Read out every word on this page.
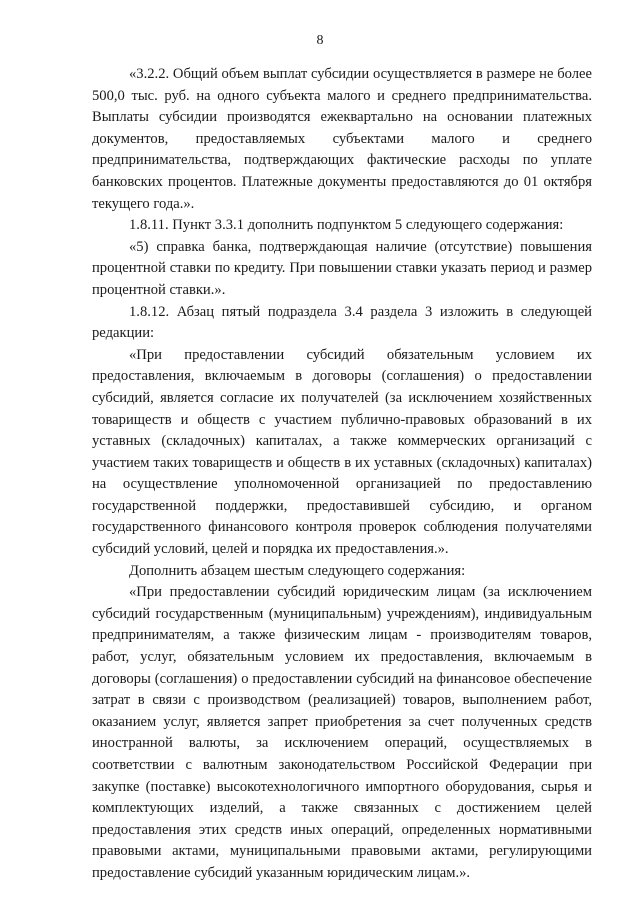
8

«3.2.2. Общий объем выплат субсидии осуществляется в размере не более 500,0 тыс. руб. на одного субъекта малого и среднего предпринимательства. Выплаты субсидии производятся ежеквартально на основании платежных документов, предоставляемых субъектами малого и среднего предпринимательства, подтверждающих фактические расходы по уплате банковских процентов. Платежные документы предоставляются до 01 октября текущего года.».

1.8.11. Пункт 3.3.1 дополнить подпунктом 5 следующего содержания:

«5) справка банка, подтверждающая наличие (отсутствие) повышения процентной ставки по кредиту. При повышении ставки указать период и размер процентной ставки.».

1.8.12. Абзац пятый подраздела 3.4 раздела 3 изложить в следующей редакции:

«При предоставлении субсидий обязательным условием их предоставления, включаемым в договоры (соглашения) о предоставлении субсидий, является согласие их получателей (за исключением хозяйственных товариществ и обществ с участием публично-правовых образований в их уставных (складочных) капиталах, а также коммерческих организаций с участием таких товариществ и обществ в их уставных (складочных) капиталах) на осуществление уполномоченной организацией по предоставлению государственной поддержки, предоставившей субсидию, и органом государственного финансового контроля проверок соблюдения получателями субсидий условий, целей и порядка их предоставления.».

Дополнить абзацем шестым следующего содержания:

«При предоставлении субсидий юридическим лицам (за исключением субсидий государственным (муниципальным) учреждениям), индивидуальным предпринимателям, а также физическим лицам - производителям товаров, работ, услуг, обязательным условием их предоставления, включаемым в договоры (соглашения) о предоставлении субсидий на финансовое обеспечение затрат в связи с производством (реализацией) товаров, выполнением работ, оказанием услуг, является запрет приобретения за счет полученных средств иностранной валюты, за исключением операций, осуществляемых в соответствии с валютным законодательством Российской Федерации при закупке (поставке) высокотехнологичного импортного оборудования, сырья и комплектующих изделий, а также связанных с достижением целей предоставления этих средств иных операций, определенных нормативными правовыми актами, муниципальными правовыми актами, регулирующими предоставление субсидий указанным юридическим лицам.».
